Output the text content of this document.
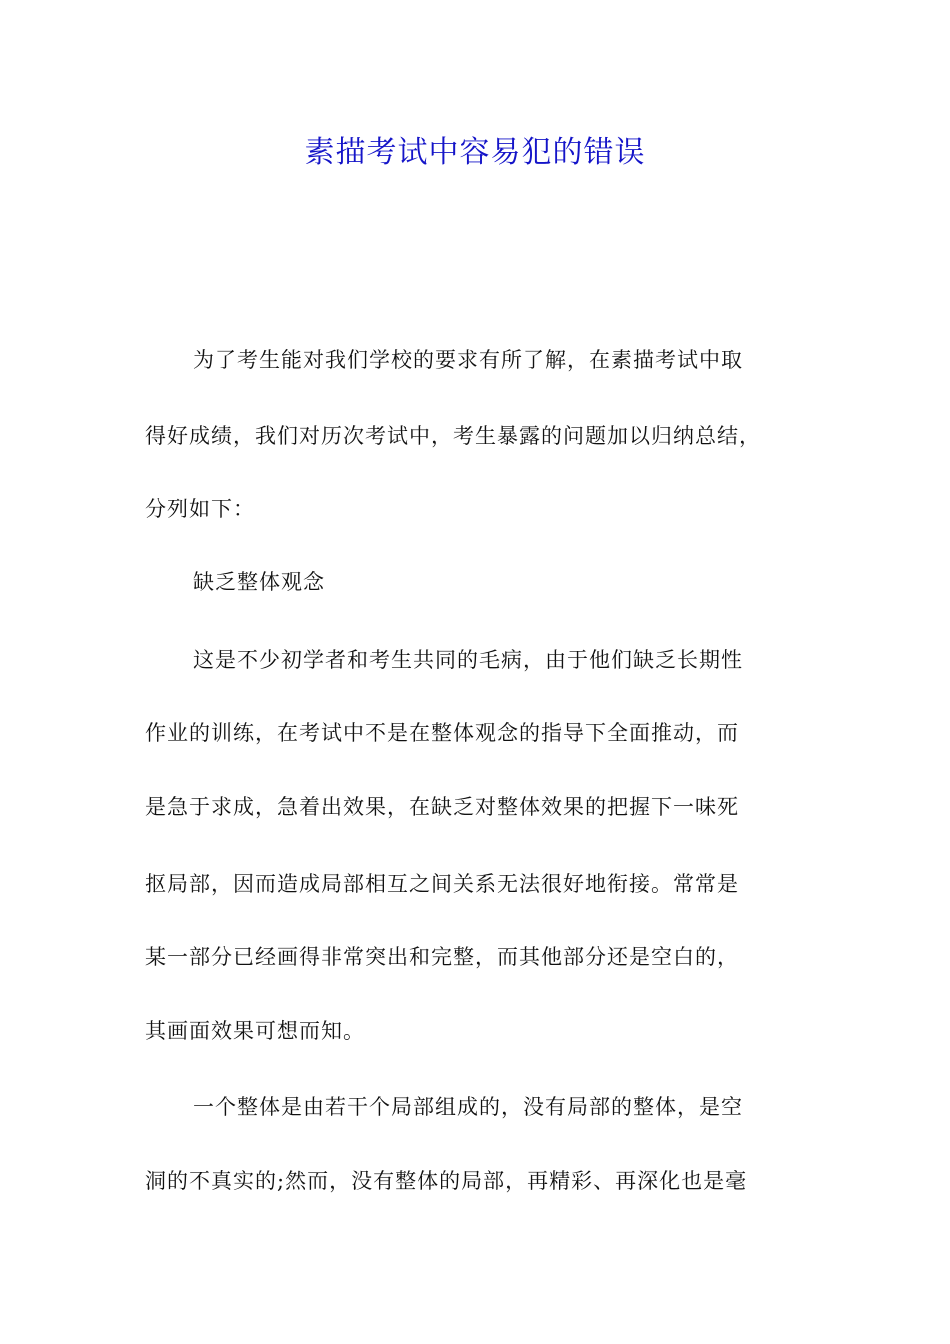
素描考试中容易犯的错误
为了考生能对我们学校的要求有所了解，在素描考试中取
得好成绩，我们对历次考试中，考生暴露的问题加以归纳总结，
分列如下：
缺乏整体观念
这是不少初学者和考生共同的毛病，由于他们缺乏长期性
作业的训练，在考试中不是在整体观念的指导下全面推动，而
是急于求成，急着出效果，在缺乏对整体效果的把握下一味死
抠局部，因而造成局部相互之间关系无法很好地衔接。常常是
某一部分已经画得非常突出和完整，而其他部分还是空白的，
其画面效果可想而知。
一个整体是由若干个局部组成的，没有局部的整体，是空
洞的不真实的;然而，没有整体的局部，再精彩、再深化也是毫
